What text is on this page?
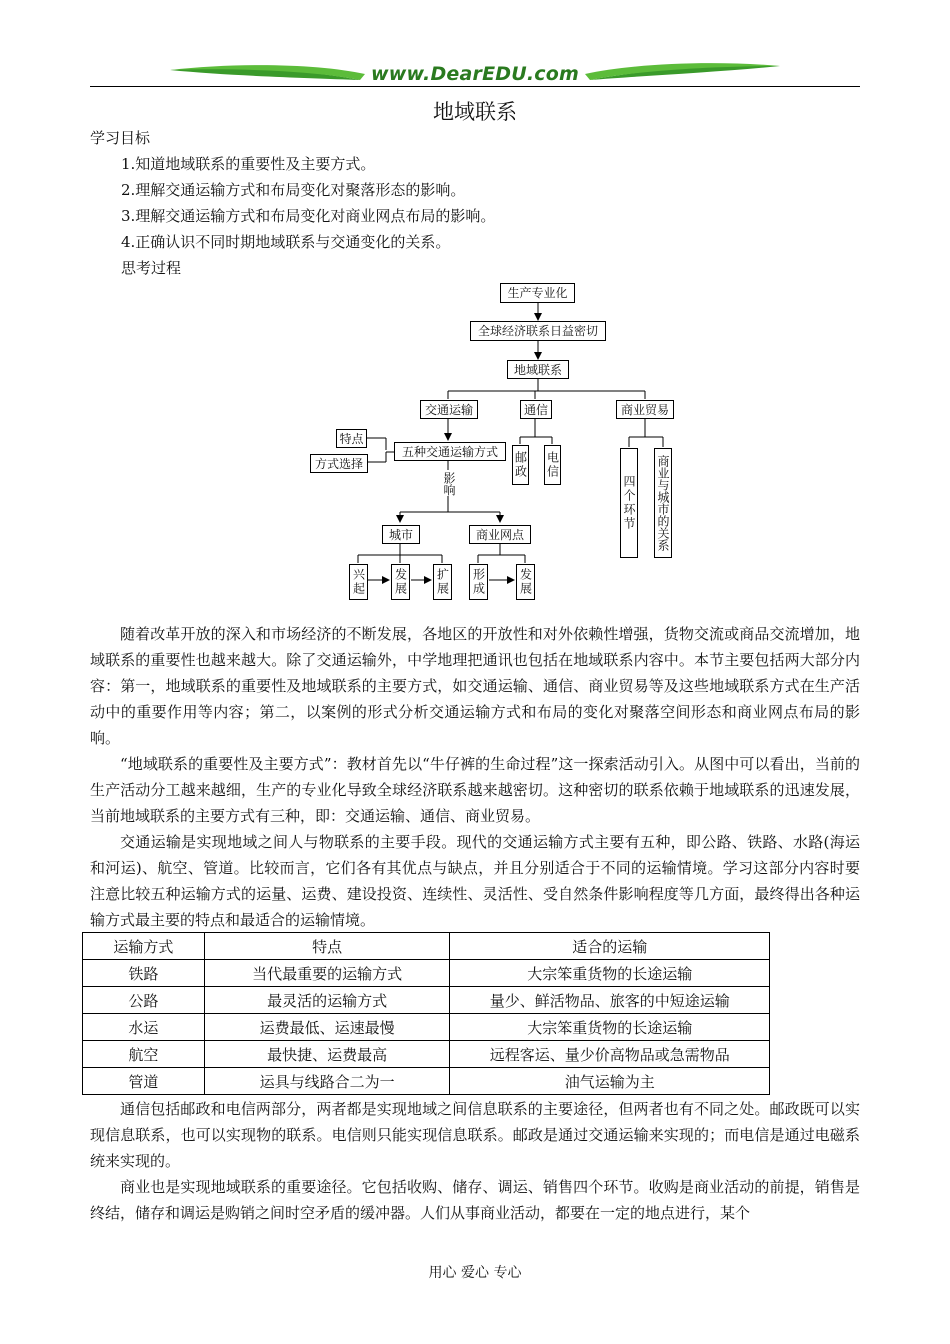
www.DearEDU.com
地域联系
学习目标
1.知道地域联系的重要性及主要方式。
2.理解交通运输方式和布局变化对聚落形态的影响。
3.理解交通运输方式和布局变化对商业网点布局的影响。
4.正确认识不同时期地域联系与交通变化的关系。
思考过程
生产专业化
全球经济联系日益密切
地域联系
交通运输	通信	商业贸易
特点
方式选择
五种交通运输方式
影响
邮政 电信
四个环节 商业与城市的关系
城市	商业网点
兴起 发展 扩展 形成	发展
随着改革开放的深入和市场经济的不断发展，各地区的开放性和对外依赖性增强，货物交流或商品交流增加，地域联系的重要性也越来越大。除了交通运输外，中学地理把通讯也包括在地域联系内容中。本节主要包括两大部分内容：第一，地域联系的重要性及地域联系的主要方式，如交通运输、通信、商业贸易等及这些地域联系方式在生产活动中的重要作用等内容；第二，以案例的形式分析交通运输方式和布局的变化对聚落空间形态和商业网点布局的影响。
“地域联系的重要性及主要方式”：教材首先以“牛仔裤的生命过程”这一探索活动引入。从图中可以看出，当前的生产活动分工越来越细，生产的专业化导致全球经济联系越来越密切。这种密切的联系依赖于地域联系的迅速发展，当前地域联系的主要方式有三种，即：交通运输、通信、商业贸易。
交通运输是实现地域之间人与物联系的主要手段。现代的交通运输方式主要有五种，即公路、铁路、水路(海运和河运)、航空、管道。比较而言，它们各有其优点与缺点，并且分别适合于不同的运输情境。学习这部分内容时要注意比较五种运输方式的运量、运费、建设投资、连续性、灵活性、受自然条件影响程度等几方面，最终得出各种运输方式最主要的特点和最适合的运输情境。
运输方式	特点	适合的运输
铁路	当代最重要的运输方式	大宗笨重货物的长途运输
公路	最灵活的运输方式	量少、鲜活物品、旅客的中短途运输
水运	运费最低、运速最慢	大宗笨重货物的长途运输
航空	最快捷、运费最高	远程客运、量少价高物品或急需物品
管道	运具与线路合二为一	油气运输为主
通信包括邮政和电信两部分，两者都是实现地域之间信息联系的主要途径，但两者也有不同之处。邮政既可以实现信息联系，也可以实现物的联系。电信则只能实现信息联系。邮政是通过交通运输来实现的；而电信是通过电磁系统来实现的。
商业也是实现地域联系的重要途径。它包括收购、储存、调运、销售四个环节。收购是商业活动的前提，销售是终结，储存和调运是购销之间时空矛盾的缓冲器。人们从事商业活动，都要在一定的地点进行，某个
用心 爱心 专心
